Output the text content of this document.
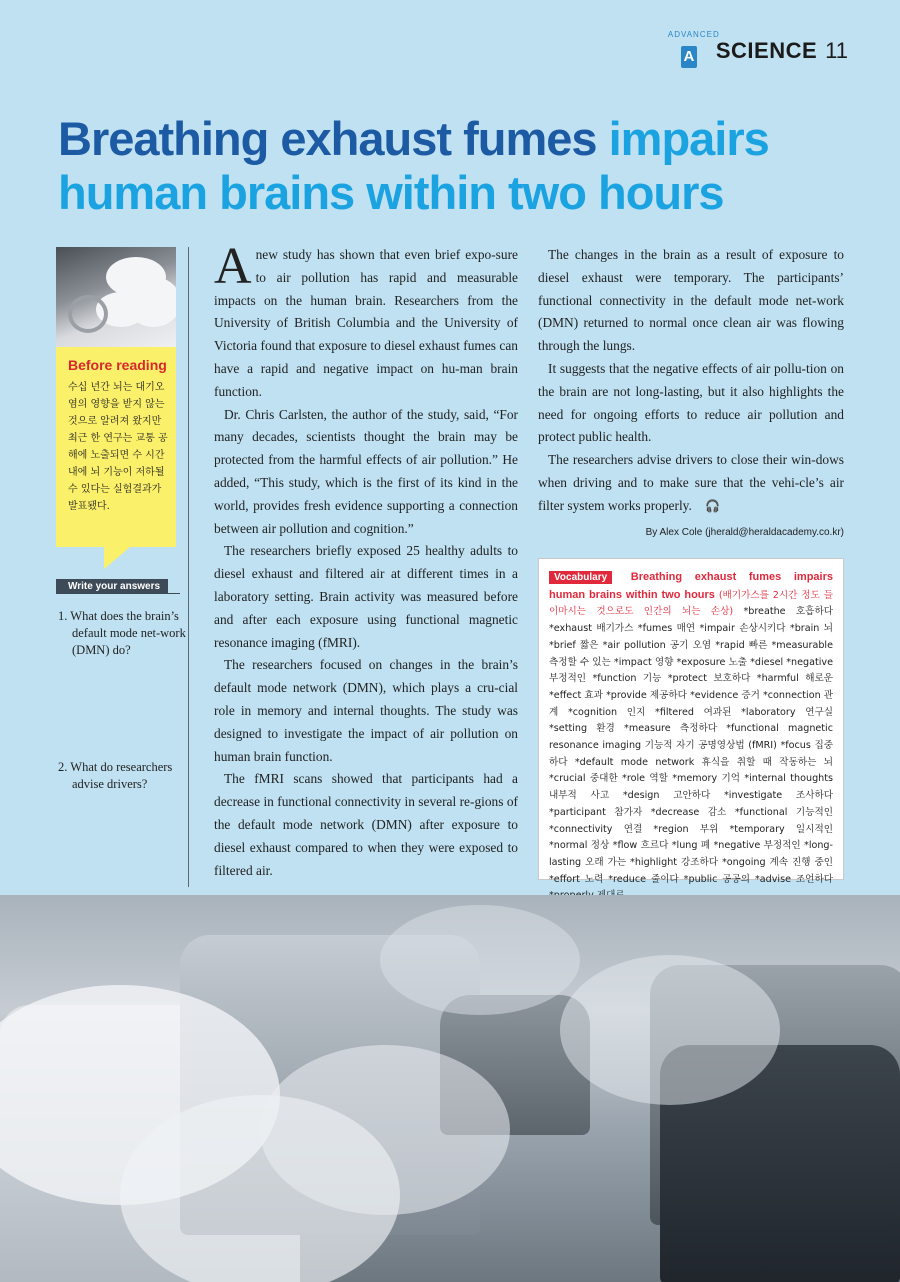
ADVANCED
A SCIENCE 11
Breathing exhaust fumes impairs
human brains within two hours
Before reading

수십 년간 뇌는 대기오염의 영향을 받지 않는 것으로 알려져 왔지만 최근 한 연구는 교통 공해에 노출되면 수 시간 내에 뇌 기능이 저하될 수 있다는 실험결과가 발표됐다.

Write your answers

1. What does the brain’s default mode net-work (DMN) do?

2. What do researchers advise drivers?

Anew study has shown that even brief expo-sure to air pollution has rapid and measurable impacts on the human brain. Researchers from the University of British Columbia and the University of Victoria found that exposure to diesel exhaust fumes can have a rapid and negative impact on hu-man brain function.

Dr. Chris Carlsten, the author of the study, said, “For many decades, scientists thought the brain may be protected from the harmful effects of air pollution.” He added, “This study, which is the first of its kind in the world, provides fresh evidence supporting a connection between air pollution and cognition.”

The researchers briefly exposed 25 healthy adults to diesel exhaust and filtered air at different times in a laboratory setting. Brain activity was measured before and after each exposure using functional magnetic resonance imaging (fMRI).

The researchers focused on changes in the brain’s default mode network (DMN), which plays a cru-cial role in memory and internal thoughts. The study was designed to investigate the impact of air pollution on human brain function.

The fMRI scans showed that participants had a decrease in functional connectivity in several re-gions of the default mode network (DMN) after exposure to diesel exhaust compared to when they were exposed to filtered air.

The changes in the brain as a result of exposure to diesel exhaust were temporary. The participants’ functional connectivity in the default mode net-work (DMN) returned to normal once clean air was flowing through the lungs.

It suggests that the negative effects of air pollu-tion on the brain are not long-lasting, but it also highlights the need for ongoing efforts to reduce air pollution and protect public health.

The researchers advise drivers to close their win-dows when driving and to make sure that the vehi-cle’s air filter system works properly. 🎧

By Alex Cole (jherald@heraldacademy.co.kr)
Vocabulary Breathing exhaust fumes impairs human brains within two hours (배기가스를 2시간 정도 들이마시는 것으로도 인간의 뇌는 손상) *breathe 호흡하다 *exhaust 배기가스 *fumes 매연 *impair 손상시키다 *brain 뇌 *brief 짧은 *air pollution 공기 오염 *rapid 빠른 *measurable 측정할 수 있는 *impact 영향 *exposure 노출 *diesel *negative 부정적인 *function 기능 *protect 보호하다 *harmful 해로운 *effect 효과 *provide 제공하다 *evidence 증거 *connection 관계 *cognition 인지 *filtered 여과된 *laboratory 연구실 *setting 환경 *measure 측정하다 *functional magnetic resonance imaging 기능적 자기 공명영상법 (fMRI) *focus 집중하다 *default mode network 휴식을 취할 때 작동하는 뇌 *crucial 중대한 *role 역할 *memory 기억 *internal thoughts 내부적 사고 *design 고안하다 *investigate 조사하다 *participant 참가자 *decrease 감소 *functional 기능적인 *connectivity 연결 *region 부위 *temporary 일시적인 *normal 정상 *flow 흐르다 *lung 폐 *negative 부정적인 *long-lasting 오래 가는 *highlight 강조하다 *ongoing 계속 진행 중인 *effort 노력 *reduce 줄이다 *public 공공의 *advise 조언하다
